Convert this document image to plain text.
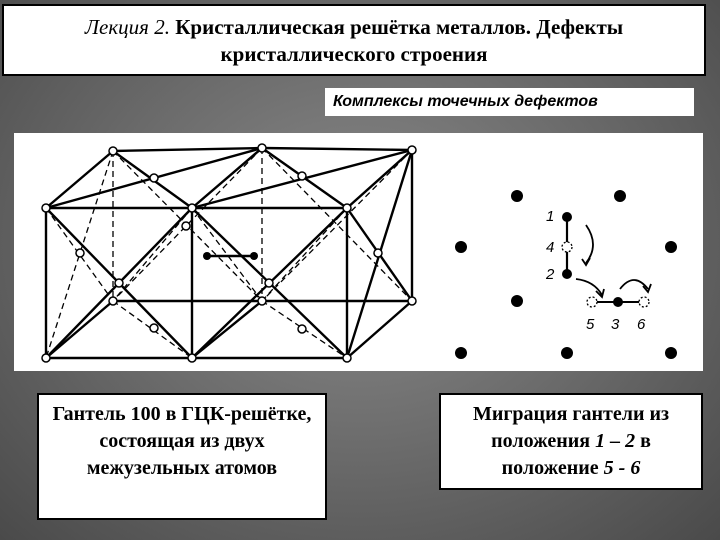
Лекция 2. Кристаллическая решётка металлов. Дефекты кристаллического строения
Комплексы точечных дефектов
1
4
2
5 3 6
Гантель 100 в ГЦК-решётке, состоящая из двух межузельных атомов
Миграция гантели из положения 1 – 2 в положение 5 - 6
